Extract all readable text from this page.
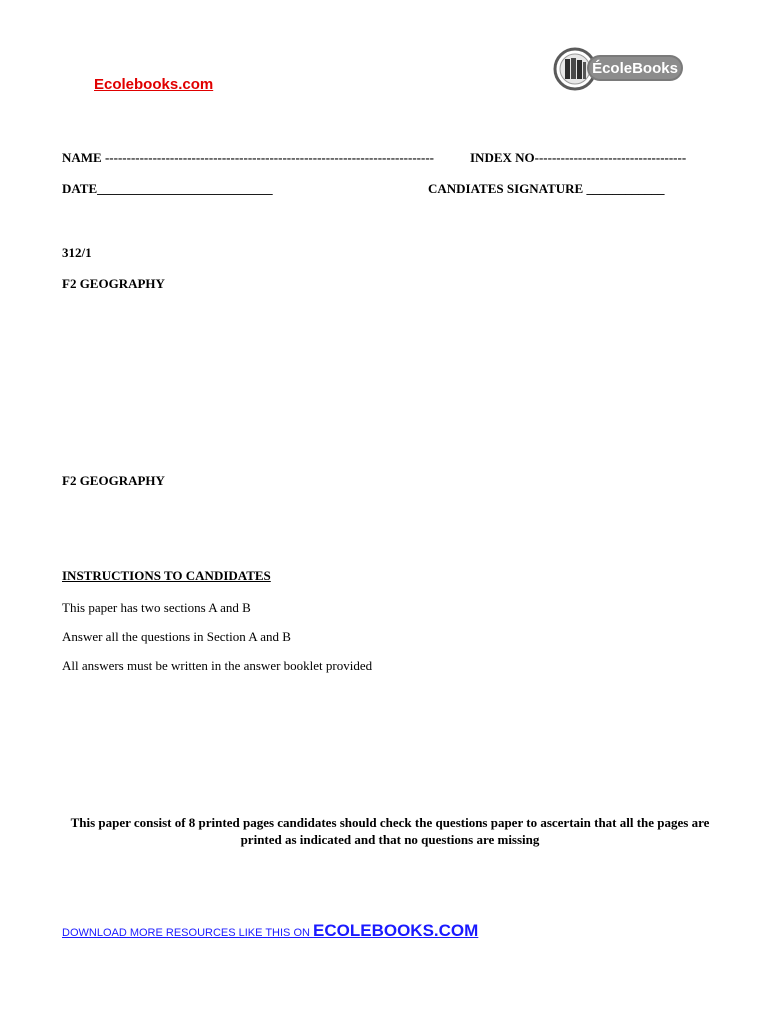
Ecolebooks.com
ÉcoleBooks
NAME ----------------------------------------------------------------------------	INDEX NO-----------------------------------
DATE___________________________	CANDIATES SIGNATURE ____________
312/1
F2 GEOGRAPHY
F2 GEOGRAPHY
INSTRUCTIONS TO CANDIDATES
This paper has two sections A and B
Answer all the questions in Section A and B
All answers must be written in the answer booklet provided
This paper consist of 8 printed pages candidates should check the questions paper to ascertain that all the pages are printed as indicated and that no questions are missing
DOWNLOAD MORE RESOURCES LIKE THIS ON ECOLEBOOKS.COM
